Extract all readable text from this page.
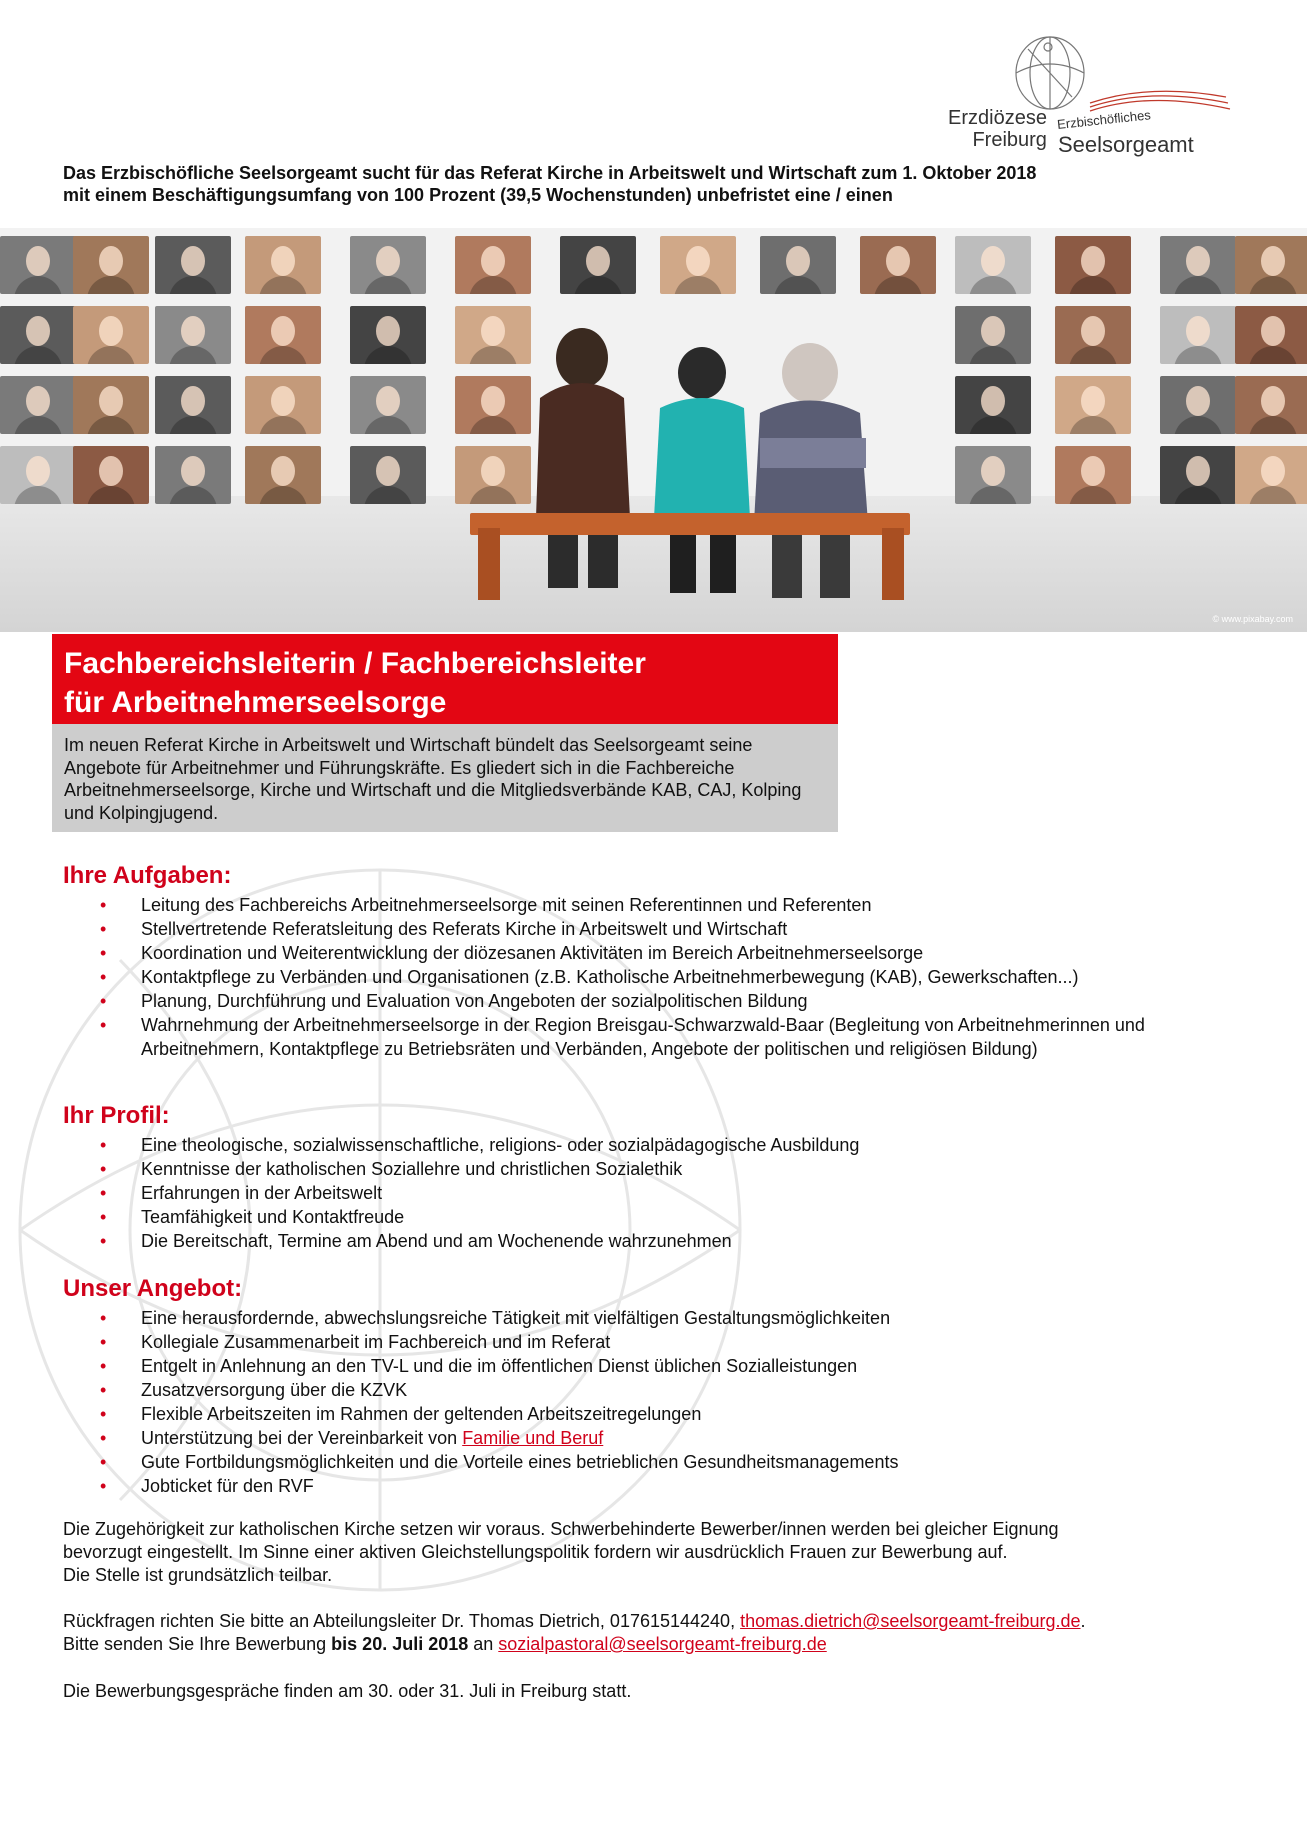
Erzdiözese
Freiburg
Erzbischöfliches
Seelsorgeamt
Das Erzbischöfliche Seelsorgeamt sucht für das Referat Kirche in Arbeitswelt und Wirtschaft zum 1. Oktober 2018
mit einem Beschäftigungsumfang von 100 Prozent (39,5 Wochenstunden) unbefristet eine / einen
© www.pixabay.com
Fachbereichsleiterin / Fachbereichsleiter
für Arbeitnehmerseelsorge
Im neuen Referat Kirche in Arbeitswelt und Wirtschaft bündelt das Seelsorgeamt seine Angebote für Arbeitnehmer und Führungskräfte. Es gliedert sich in die Fachbereiche Arbeitnehmerseelsorge, Kirche und Wirtschaft und die Mitgliedsverbände KAB, CAJ, Kolping und Kolpingjugend.
Ihre Aufgaben:
• Leitung des Fachbereichs Arbeitnehmerseelsorge mit seinen Referentinnen und Referenten
• Stellvertretende Referatsleitung des Referats Kirche in Arbeitswelt und Wirtschaft
• Koordination und Weiterentwicklung der diözesanen Aktivitäten im Bereich Arbeitnehmerseelsorge
• Kontaktpflege zu Verbänden und Organisationen (z.B. Katholische Arbeitnehmerbewegung (KAB), Gewerkschaften...)
• Planung, Durchführung und Evaluation von Angeboten der sozialpolitischen Bildung
• Wahrnehmung der Arbeitnehmerseelsorge in der Region Breisgau-Schwarzwald-Baar (Begleitung von Arbeitnehmerinnen und Arbeitnehmern, Kontaktpflege zu Betriebsräten und Verbänden, Angebote der politischen und religiösen Bildung)
Ihr Profil:
• Eine theologische, sozialwissenschaftliche, religions- oder sozialpädagogische Ausbildung
• Kenntnisse der katholischen Soziallehre und christlichen Sozialethik
• Erfahrungen in der Arbeitswelt
• Teamfähigkeit und Kontaktfreude
• Die Bereitschaft, Termine am Abend und am Wochenende wahrzunehmen
Unser Angebot:
• Eine herausfordernde, abwechslungsreiche Tätigkeit mit vielfältigen Gestaltungsmöglichkeiten
• Kollegiale Zusammenarbeit im Fachbereich und im Referat
• Entgelt in Anlehnung an den TV-L und die im öffentlichen Dienst üblichen Sozialleistungen
• Zusatzversorgung über die KZVK
• Flexible Arbeitszeiten im Rahmen der geltenden Arbeitszeitregelungen
• Unterstützung bei der Vereinbarkeit von Familie und Beruf
• Gute Fortbildungsmöglichkeiten und die Vorteile eines betrieblichen Gesundheitsmanagements
• Jobticket für den RVF
Die Zugehörigkeit zur katholischen Kirche setzen wir voraus. Schwerbehinderte Bewerber/innen werden bei gleicher Eignung
bevorzugt eingestellt. Im Sinne einer aktiven Gleichstellungspolitik fordern wir ausdrücklich Frauen zur Bewerbung auf.
Die Stelle ist grundsätzlich teilbar.
Rückfragen richten Sie bitte an Abteilungsleiter Dr. Thomas Dietrich, 017615144240, thomas.dietrich@seelsorgeamt-freiburg.de.
Bitte senden Sie Ihre Bewerbung bis 20. Juli 2018 an sozialpastoral@seelsorgeamt-freiburg.de
Die Bewerbungsgespräche finden am 30. oder 31. Juli in Freiburg statt.
